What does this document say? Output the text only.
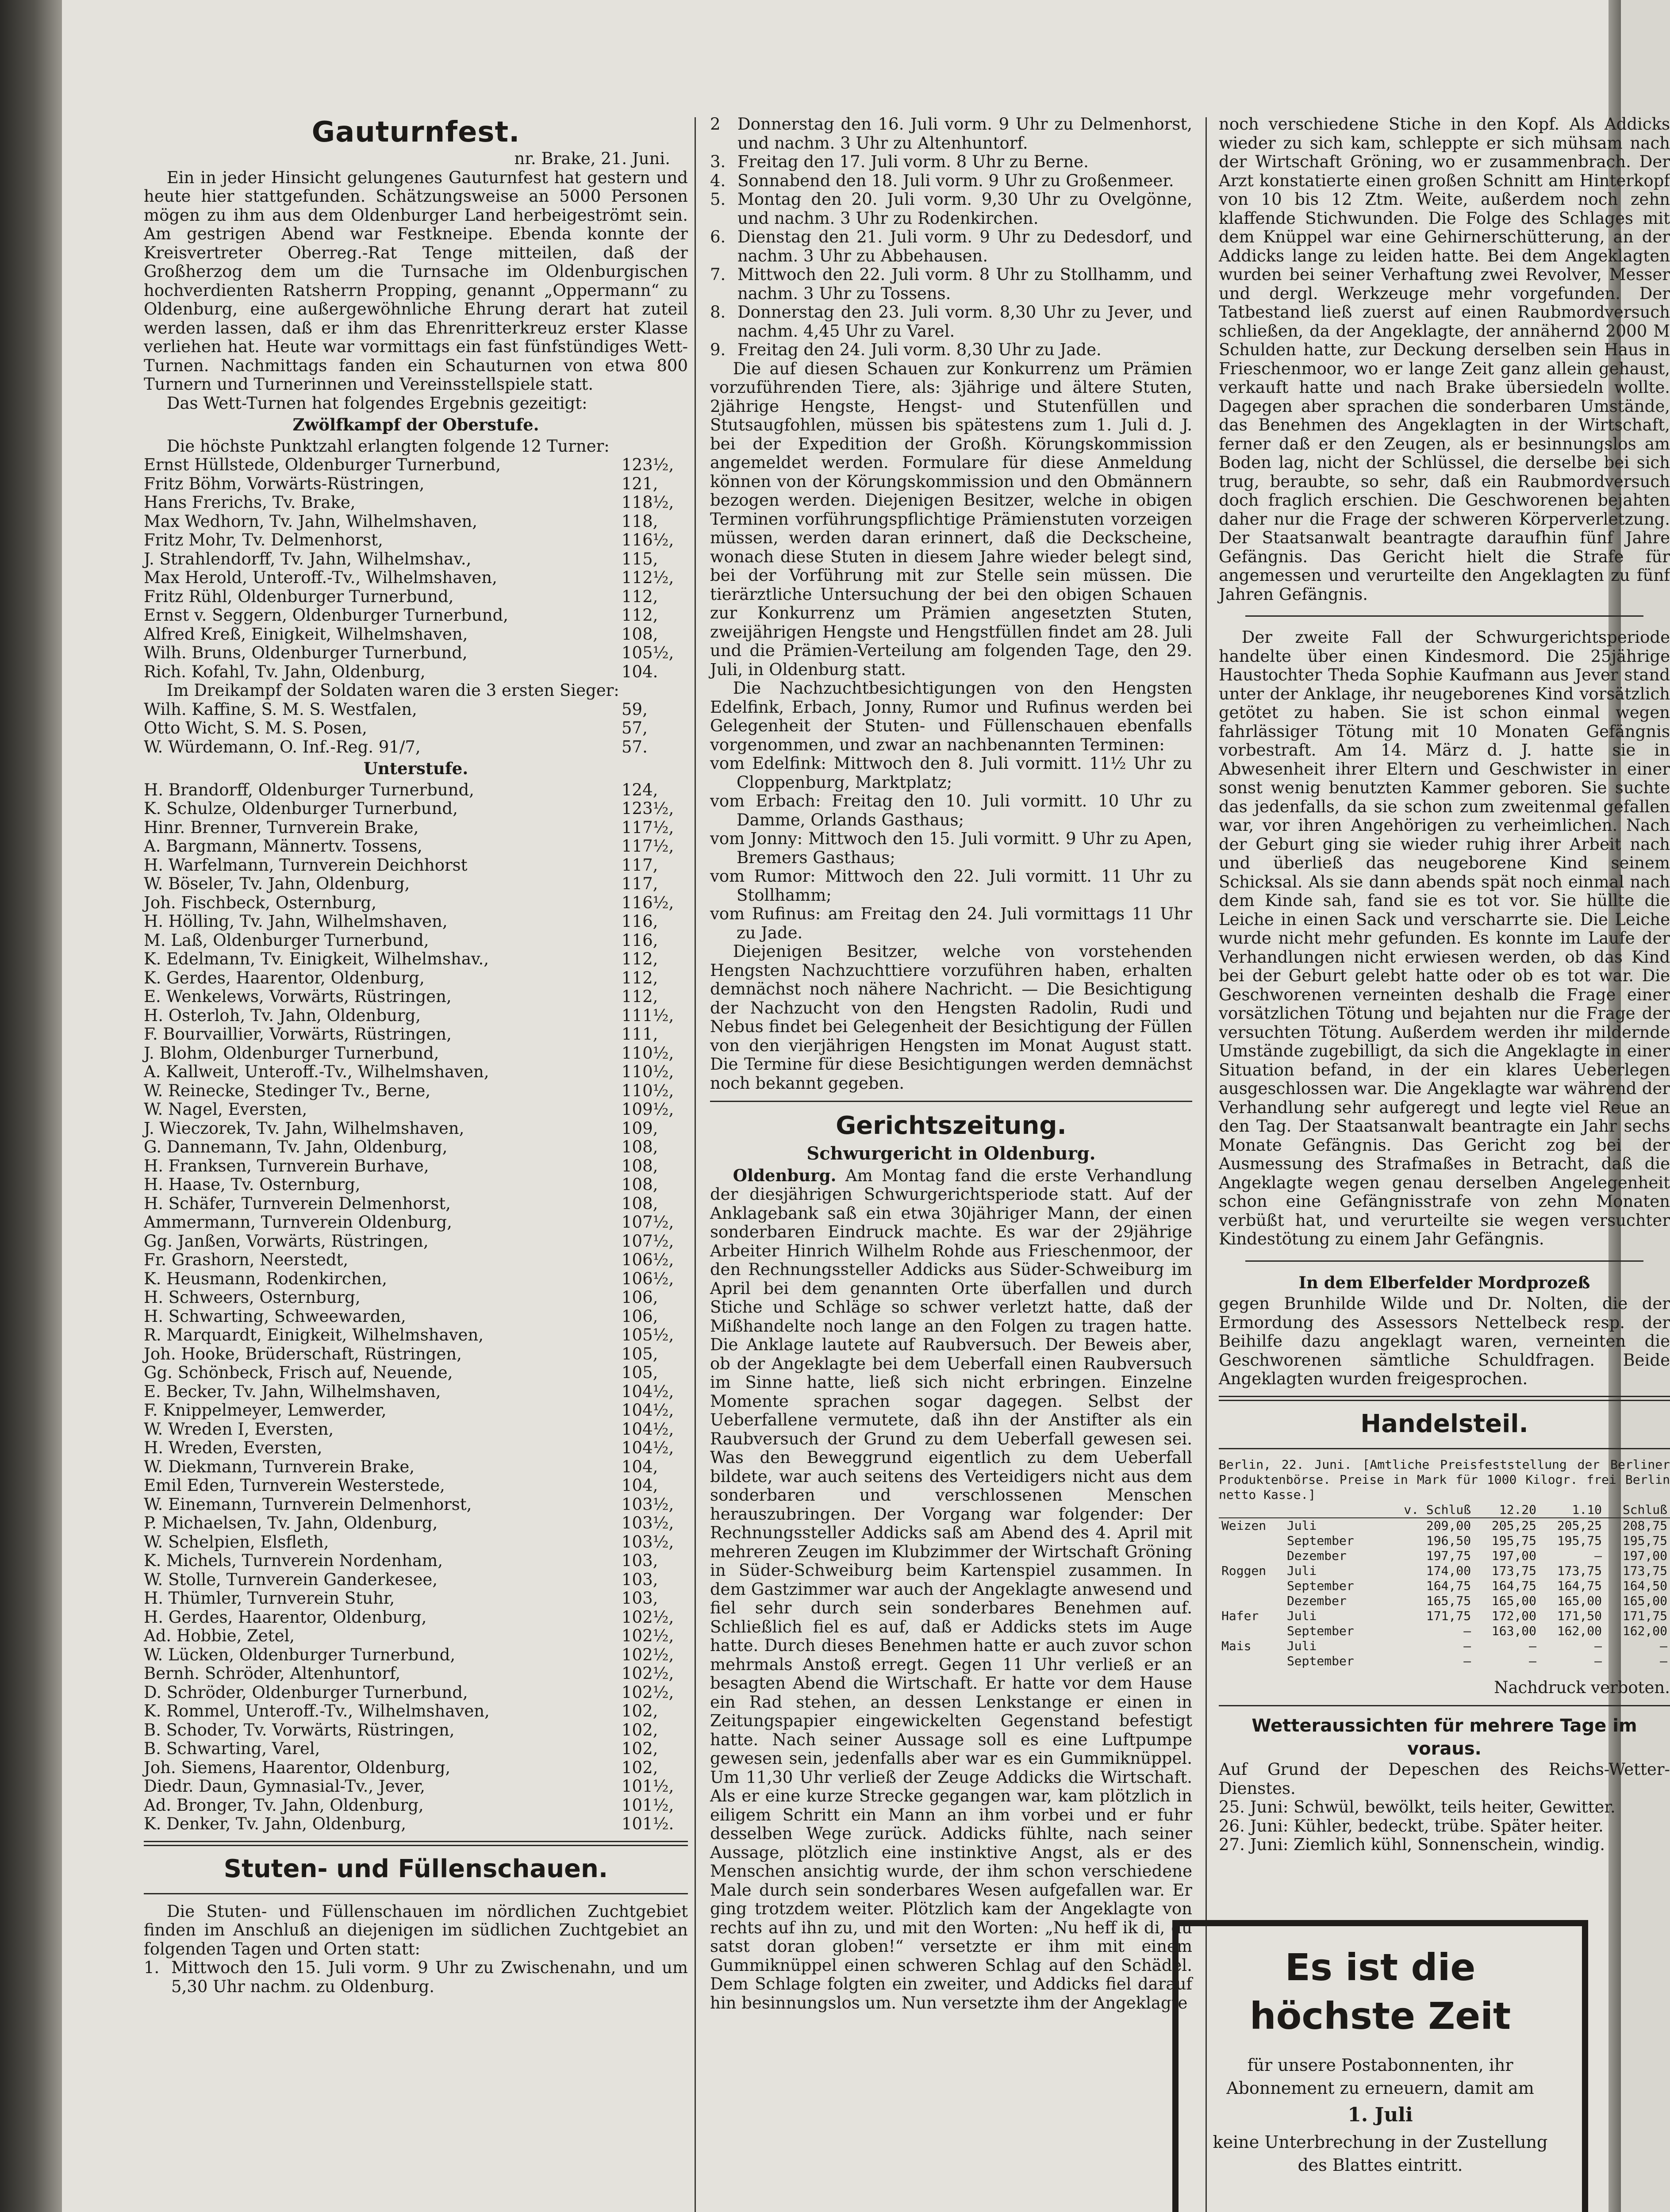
Gauturnfest.

nr. Brake, 21. Juni.

Ein in jeder Hinsicht gelungenes Gauturnfest hat gestern und heute hier stattgefunden. Schätzungsweise an 5000 Personen mögen zu ihm aus dem Oldenburger Land herbeigeströmt sein. Am gestrigen Abend war Festkneipe. Ebenda konnte der Kreisvertreter Oberreg.-Rat Tenge mitteilen, daß der Großherzog dem um die Turnsache im Oldenburgischen hochverdienten Ratsherrn Propping, genannt „Oppermann“ zu Oldenburg, eine außergewöhnliche Ehrung derart hat zuteil werden lassen, daß er ihm das Ehrenritterkreuz erster Klasse verliehen hat. Heute war vormittags ein fast fünfstündiges Wett-Turnen. Nachmittags fanden ein Schauturnen von etwa 800 Turnern und Turnerinnen und Vereinsstellspiele statt.

Das Wett-Turnen hat folgendes Ergebnis gezeitigt:

Zwölfkampf der Oberstufe.

Die höchste Punktzahl erlangten folgende 12 Turner:

Ernst Hüllstede, Oldenburger Turnerbund,	123½,
Fritz Böhm, Vorwärts-Rüstringen,	121,
Hans Frerichs, Tv. Brake,	118½,
Max Wedhorn, Tv. Jahn, Wilhelmshaven,	118,
Fritz Mohr, Tv. Delmenhorst,	116½,
J. Strahlendorff, Tv. Jahn, Wilhelmshav.,	115,
Max Herold, Unteroff.-Tv., Wilhelmshaven,	112½,
Fritz Rühl, Oldenburger Turnerbund,	112,
Ernst v. Seggern, Oldenburger Turnerbund,	112,
Alfred Kreß, Einigkeit, Wilhelmshaven,	108,
Wilh. Bruns, Oldenburger Turnerbund,	105½,
Rich. Kofahl, Tv. Jahn, Oldenburg,	104.

Im Dreikampf der Soldaten waren die 3 ersten Sieger:

Wilh. Kaffine, S. M. S. Westfalen,	59,
Otto Wicht, S. M. S. Posen,	57,
W. Würdemann, O. Inf.-Reg. 91/7,	57.
Unterstufe.
H. Brandorff, Oldenburger Turnerbund,	124,
K. Schulze, Oldenburger Turnerbund,	123½,
Hinr. Brenner, Turnverein Brake,	117½,
A. Bargmann, Männertv. Tossens,	117½,
H. Warfelmann, Turnverein Deichhorst	117,
W. Böseler, Tv. Jahn, Oldenburg,	117,
Joh. Fischbeck, Osternburg,	116½,
H. Hölling, Tv. Jahn, Wilhelmshaven,	116,
M. Laß, Oldenburger Turnerbund,	116,
K. Edelmann, Tv. Einigkeit, Wilhelmshav.,	112,
K. Gerdes, Haarentor, Oldenburg,	112,
E. Wenkelews, Vorwärts, Rüstringen,	112,
H. Osterloh, Tv. Jahn, Oldenburg,	111½,
F. Bourvaillier, Vorwärts, Rüstringen,	111,
J. Blohm, Oldenburger Turnerbund,	110½,
A. Kallweit, Unteroff.-Tv., Wilhelmshaven,	110½,
W. Reinecke, Stedinger Tv., Berne,	110½,
W. Nagel, Eversten,	109½,
J. Wieczorek, Tv. Jahn, Wilhelmshaven,	109,
G. Dannemann, Tv. Jahn, Oldenburg,	108,
H. Franksen, Turnverein Burhave,	108,
H. Haase, Tv. Osternburg,	108,
H. Schäfer, Turnverein Delmenhorst,	108,
Ammermann, Turnverein Oldenburg,	107½,
Gg. Janßen, Vorwärts, Rüstringen,	107½,
Fr. Grashorn, Neerstedt,	106½,
K. Heusmann, Rodenkirchen,	106½,
H. Schweers, Osternburg,	106,
H. Schwarting, Schweewarden,	106,
R. Marquardt, Einigkeit, Wilhelmshaven,	105½,
Joh. Hooke, Brüderschaft, Rüstringen,	105,
Gg. Schönbeck, Frisch auf, Neuende,	105,
E. Becker, Tv. Jahn, Wilhelmshaven,	104½,
F. Knippelmeyer, Lemwerder,	104½,
W. Wreden I, Eversten,	104½,
H. Wreden, Eversten,	104½,
W. Diekmann, Turnverein Brake,	104,
Emil Eden, Turnverein Westerstede,	104,
W. Einemann, Turnverein Delmenhorst,	103½,
P. Michaelsen, Tv. Jahn, Oldenburg,	103½,
W. Schelpien, Elsfleth,	103½,
K. Michels, Turnverein Nordenham,	103,
W. Stolle, Turnverein Ganderkesee,	103,
H. Thümler, Turnverein Stuhr,	103,
H. Gerdes, Haarentor, Oldenburg,	102½,
Ad. Hobbie, Zetel,	102½,
W. Lücken, Oldenburger Turnerbund,	102½,
Bernh. Schröder, Altenhuntorf,	102½,
D. Schröder, Oldenburger Turnerbund,	102½,
K. Rommel, Unteroff.-Tv., Wilhelmshaven,	102,
B. Schoder, Tv. Vorwärts, Rüstringen,	102,
B. Schwarting, Varel,	102,
Joh. Siemens, Haarentor, Oldenburg,	102,
Diedr. Daun, Gymnasial-Tv., Jever,	101½,
Ad. Bronger, Tv. Jahn, Oldenburg,	101½,
K. Denker, Tv. Jahn, Oldenburg,	101½.
Stuten- und Füllenschauen.

Die Stuten- und Füllenschauen im nördlichen Zuchtgebiet finden im Anschluß an diejenigen im südlichen Zuchtgebiet an folgenden Tagen und Orten statt:

1. Mittwoch den 15. Juli vorm. 9 Uhr zu Zwischenahn, und um 5,30 Uhr nachm. zu Oldenburg.
2	Donnerstag den 16. Juli vorm. 9 Uhr zu Delmenhorst, und nachm. 3 Uhr zu Altenhuntorf.
3. Freitag den 17. Juli vorm. 8 Uhr zu Berne.
4. Sonnabend den 18. Juli vorm. 9 Uhr zu Großenmeer.
5. Montag den 20. Juli vorm. 9,30 Uhr zu Ovelgönne, und nachm. 3 Uhr zu Rodenkirchen.
6. Dienstag den 21. Juli vorm. 9 Uhr zu Dedesdorf, und nachm. 3 Uhr zu Abbehausen.
7. Mittwoch den 22. Juli vorm. 8 Uhr zu Stollhamm, und nachm. 3 Uhr zu Tossens.
8. Donnerstag den 23. Juli vorm. 8,30 Uhr zu Jever, und nachm. 4,45 Uhr zu Varel.
9. Freitag den 24. Juli vorm. 8,30 Uhr zu Jade.

Die auf diesen Schauen zur Konkurrenz um Prämien vorzuführenden Tiere, als: 3jährige und ältere Stuten, 2jährige Hengste, Hengst- und Stutenfüllen und Stutsaugfohlen, müssen bis spätestens zum 1. Juli d. J. bei der Expedition der Großh. Körungskommission angemeldet werden. Formulare für diese Anmeldung können von der Körungskommission und den Obmännern bezogen werden. Diejenigen Besitzer, welche in obigen Terminen vorführungspflichtige Prämienstuten vorzeigen müssen, werden daran erinnert, daß die Deckscheine, wonach diese Stuten in diesem Jahre wieder belegt sind, bei der Vorführung mit zur Stelle sein müssen. Die tierärztliche Untersuchung der bei den obigen Schauen zur Konkurrenz um Prämien angesetzten Stuten, zweijährigen Hengste und Hengstfüllen findet am 28. Juli und die Prämien-Verteilung am folgenden Tage, den 29. Juli, in Oldenburg statt.

Die Nachzuchtbesichtigungen von den Hengsten Edelfink, Erbach, Jonny, Rumor und Rufinus werden bei Gelegenheit der Stuten- und Füllenschauen ebenfalls vorgenommen, und zwar an nachbenannten Terminen:

vom Edelfink: Mittwoch den 8. Juli vormitt. 11½ Uhr zu Cloppenburg, Marktplatz;

vom Erbach: Freitag den 10. Juli vormitt. 10 Uhr zu Damme, Orlands Gasthaus;

vom Jonny: Mittwoch den 15. Juli vormitt. 9 Uhr zu Apen, Bremers Gasthaus;

vom Rumor: Mittwoch den 22. Juli vormitt. 11 Uhr zu Stollhamm;

vom Rufinus: am Freitag den 24. Juli vormittags 11 Uhr zu Jade.

Diejenigen Besitzer, welche von vorstehenden Hengsten Nachzuchttiere vorzuführen haben, erhalten demnächst noch nähere Nachricht. — Die Besichtigung der Nachzucht von den Hengsten Radolin, Rudi und Nebus findet bei Gelegenheit der Besichtigung der Füllen von den vierjährigen Hengsten im Monat August statt. Die Termine für diese Besichtigungen werden demnächst noch bekannt gegeben.

Gerichtszeitung.
Schwurgericht in Oldenburg.

Oldenburg. Am Montag fand die erste Verhandlung der diesjährigen Schwurgerichtsperiode statt. Auf der Anklagebank saß ein etwa 30jähriger Mann, der einen sonderbaren Eindruck machte. Es war der 29jährige Arbeiter Hinrich Wilhelm Rohde aus Frieschenmoor, der den Rechnungssteller Addicks aus Süder-Schweiburg im April bei dem genannten Orte überfallen und durch Stiche und Schläge so schwer verletzt hatte, daß der Mißhandelte noch lange an den Folgen zu tragen hatte. Die Anklage lautete auf Raubversuch. Der Beweis aber, ob der Angeklagte bei dem Ueberfall einen Raubversuch im Sinne hatte, ließ sich nicht erbringen. Einzelne Momente sprachen sogar dagegen. Selbst der Ueberfallene vermutete, daß ihn der Anstifter als ein Raubversuch der Grund zu dem Ueberfall gewesen sei. Was den Beweggrund eigentlich zu dem Ueberfall bildete, war auch seitens des Verteidigers nicht aus dem sonderbaren und verschlossenen Menschen herauszubringen. Der Vorgang war folgender: Der Rechnungssteller Addicks saß am Abend des 4. April mit mehreren Zeugen im Klubzimmer der Wirtschaft Gröning in Süder-Schweiburg beim Kartenspiel zusammen. In dem Gastzimmer war auch der Angeklagte anwesend und fiel sehr durch sein sonderbares Benehmen auf. Schließlich fiel es auf, daß er Addicks stets im Auge hatte. Durch dieses Benehmen hatte er auch zuvor schon mehrmals Anstoß erregt. Gegen 11 Uhr verließ er an besagten Abend die Wirtschaft. Er hatte vor dem Hause ein Rad stehen, an dessen Lenkstange er einen in Zeitungspapier eingewickelten Gegenstand befestigt hatte. Nach seiner Aussage soll es eine Luftpumpe gewesen sein, jedenfalls aber war es ein Gummiknüppel. Um 11,30 Uhr verließ der Zeuge Addicks die Wirtschaft. Als er eine kurze Strecke gegangen war, kam plötzlich in eiligem Schritt ein Mann an ihm vorbei und er fuhr desselben Wege zurück. Addicks fühlte, nach seiner Aussage, plötzlich eine instinktive Angst, als er des Menschen ansichtig wurde, der ihm schon verschiedene Male durch sein sonderbares Wesen aufgefallen war. Er ging trotzdem weiter. Plötzlich kam der Angeklagte von rechts auf ihn zu, und mit den Worten: „Nu heff ik di, du satst doran globen!“ versetzte er ihm mit einem Gummiknüppel einen schweren Schlag auf den Schädel. Dem Schlage folgten ein zweiter, und Addicks fiel darauf hin besinnungslos um. Nun versetzte ihm der Angeklagte

noch verschiedene Stiche in den Kopf. Als Addicks wieder zu sich kam, schleppte er sich mühsam nach der Wirtschaft Gröning, wo er zusammenbrach. Der Arzt konstatierte einen großen Schnitt am Hinterkopf von 10 bis 12 Ztm. Weite, außerdem noch zehn klaffende Stichwunden. Die Folge des Schlages mit dem Knüppel war eine Gehirnerschütterung, an der Addicks lange zu leiden hatte. Bei dem Angeklagten wurden bei seiner Verhaftung zwei Revolver, Messer und dergl. Werkzeuge mehr vorgefunden. Der Tatbestand ließ zuerst auf einen Raubmordversuch schließen, da der Angeklagte, der annähernd 2000 M Schulden hatte, zur Deckung derselben sein Haus in Frieschenmoor, wo er lange Zeit ganz allein gehaust, verkauft hatte und nach Brake übersiedeln wollte. Dagegen aber sprachen die sonderbaren Umstände, das Benehmen des Angeklagten in der Wirtschaft, ferner daß er den Zeugen, als er besinnungslos am Boden lag, nicht der Schlüssel, die derselbe bei sich trug, beraubte, so sehr, daß ein Raubmordversuch doch fraglich erschien. Die Geschworenen bejahten daher nur die Frage der schweren Körperverletzung. Der Staatsanwalt beantragte daraufhin fünf Jahre Gefängnis. Das Gericht hielt die Strafe für angemessen und verurteilte den Angeklagten zu fünf Jahren Gefängnis.

Der zweite Fall der Schwurgerichtsperiode handelte über einen Kindesmord. Die 25jährige Haustochter Theda Sophie Kaufmann aus Jever stand unter der Anklage, ihr neugeborenes Kind vorsätzlich getötet zu haben. Sie ist schon einmal wegen fahrlässiger Tötung mit 10 Monaten Gefängnis vorbestraft. Am 14. März d. J. hatte sie in Abwesenheit ihrer Eltern und Geschwister in einer sonst wenig benutzten Kammer geboren. Sie suchte das jedenfalls, da sie schon zum zweitenmal gefallen war, vor ihren Angehörigen zu verheimlichen. Nach der Geburt ging sie wieder ruhig ihrer Arbeit nach und überließ das neugeborene Kind seinem Schicksal. Als sie dann abends spät noch einmal nach dem Kinde sah, fand sie es tot vor. Sie hüllte die Leiche in einen Sack und verscharrte sie. Die Leiche wurde nicht mehr gefunden. Es konnte im Laufe der Verhandlungen nicht erwiesen werden, ob das Kind bei der Geburt gelebt hatte oder ob es tot war. Die Geschworenen verneinten deshalb die Frage einer vorsätzlichen Tötung und bejahten nur die Frage der versuchten Tötung. Außerdem werden ihr mildernde Umstände zugebilligt, da sich die Angeklagte in einer Situation befand, in der ein klares Ueberlegen ausgeschlossen war. Die Angeklagte war während der Verhandlung sehr aufgeregt und legte viel Reue an den Tag. Der Staatsanwalt beantragte ein Jahr sechs Monate Gefängnis. Das Gericht zog bei der Ausmessung des Strafmaßes in Betracht, daß die Angeklagte wegen genau derselben Angelegenheit schon eine Gefängnisstrafe von zehn Monaten verbüßt hat, und verurteilte sie wegen versuchter Kindestötung zu einem Jahr Gefängnis.

In dem Elberfelder Mordprozeß

gegen Brunhilde Wilde und Dr. Nolten, die der Ermordung des Assessors Nettelbeck resp. der Beihilfe dazu angeklagt waren, verneinten die Geschworenen sämtliche Schuldfragen. Beide Angeklagten wurden freigesprochen.

Handelsteil.

Berlin, 22. Juni. [Amtliche Preisfeststellung der Berliner Produktenbörse. Preise in Mark für 1000 Kilogr. frei Berlin netto Kasse.]

		v. Schluß	12.20	1.10	Schluß
Weizen	Juli	209,00	205,25	205,25	208,75
	September	196,50	195,75	195,75	195,75
	Dezember	197,75	197,00	—	197,00
Roggen	Juli	174,00	173,75	173,75	173,75
	September	164,75	164,75	164,75	164,50
	Dezember	165,75	165,00	165,00	165,00
Hafer	Juli	171,75	172,00	171,50	171,75
	September	—	163,00	162,00	162,00
Mais	Juli	—	—	—	—
	September	—	—	—	—

Nachdruck verboten.

Wetteraussichten für mehrere Tage im voraus.

Auf Grund der Depeschen des Reichs-Wetter-Dienstes.

25. Juni: Schwül, bewölkt, teils heiter, Gewitter.

26. Juni: Kühler, bedeckt, trübe. Später heiter.

27. Juni: Ziemlich kühl, Sonnenschein, windig.

Es ist die höchste Zeit
für unsere Postabonnenten, ihr Abonnement zu erneuern, damit am
1. Juli
keine Unterbrechung in der Zustellung des Blattes eintritt.
